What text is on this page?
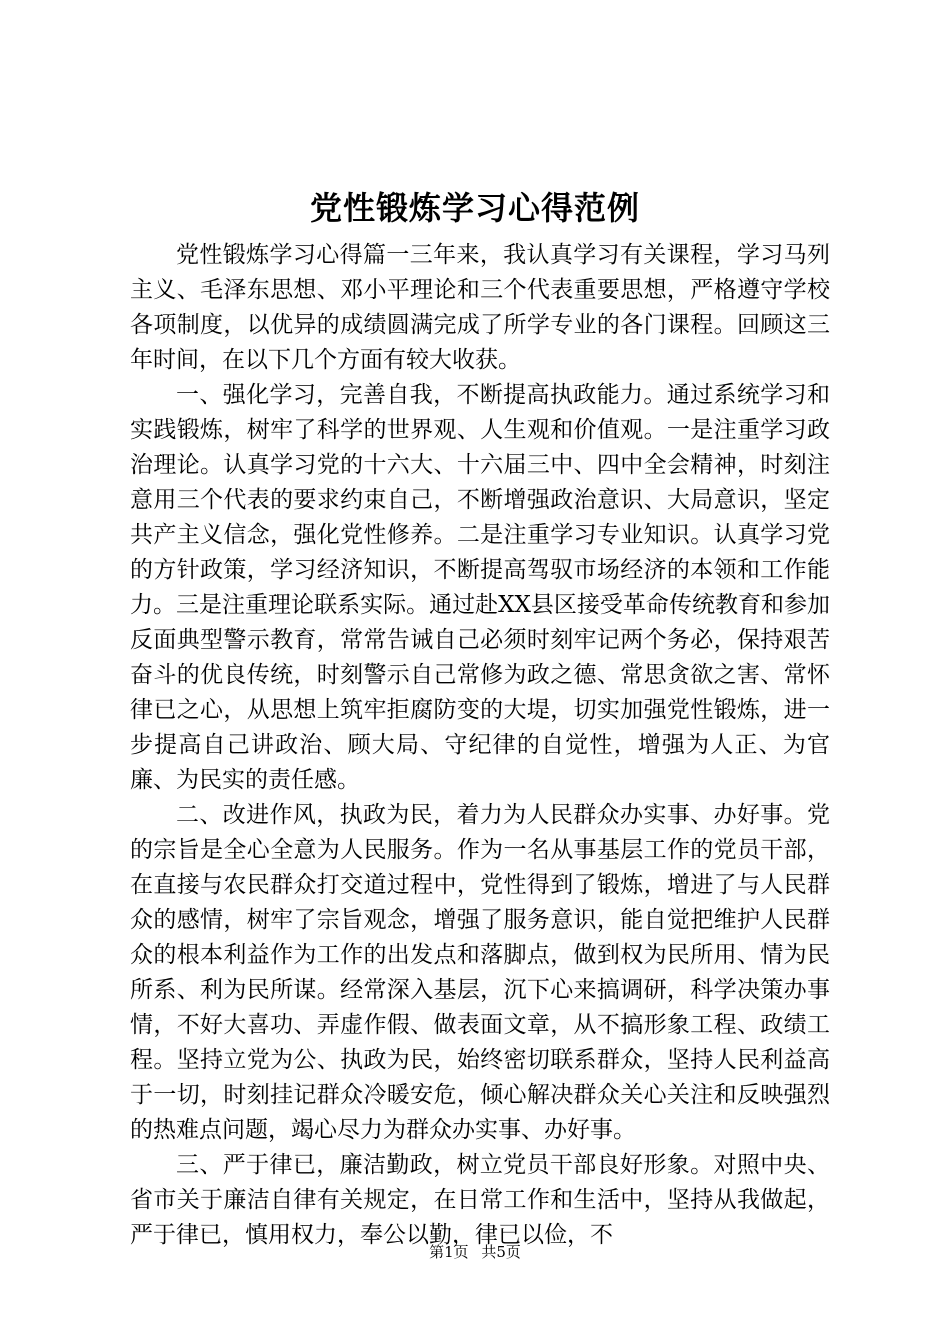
党性锻炼学习心得范例

党性锻炼学习心得篇一三年来，我认真学习有关课程，学习马列主义、毛泽东思想、邓小平理论和三个代表重要思想，严格遵守学校各项制度，以优异的成绩圆满完成了所学专业的各门课程。回顾这三年时间，在以下几个方面有较大收获。

一、强化学习，完善自我，不断提高执政能力。通过系统学习和实践锻炼，树牢了科学的世界观、人生观和价值观。一是注重学习政治理论。认真学习党的十六大、十六届三中、四中全会精神，时刻注意用三个代表的要求约束自己，不断增强政治意识、大局意识，坚定共产主义信念，强化党性修养。二是注重学习专业知识。认真学习党的方针政策，学习经济知识，不断提高驾驭市场经济的本领和工作能力。三是注重理论联系实际。通过赴XX县区接受革命传统教育和参加反面典型警示教育，常常告诫自己必须时刻牢记两个务必，保持艰苦奋斗的优良传统，时刻警示自己常修为政之德、常思贪欲之害、常怀律已之心，从思想上筑牢拒腐防变的大堤，切实加强党性锻炼，进一步提高自己讲政治、顾大局、守纪律的自觉性，增强为人正、为官廉、为民实的责任感。

二、改进作风，执政为民，着力为人民群众办实事、办好事。党的宗旨是全心全意为人民服务。作为一名从事基层工作的党员干部，在直接与农民群众打交道过程中，党性得到了锻炼，增进了与人民群众的感情，树牢了宗旨观念，增强了服务意识，能自觉把维护人民群众的根本利益作为工作的出发点和落脚点，做到权为民所用、情为民所系、利为民所谋。经常深入基层，沉下心来搞调研，科学决策办事情，不好大喜功、弄虚作假、做表面文章，从不搞形象工程、政绩工程。坚持立党为公、执政为民，始终密切联系群众，坚持人民利益高于一切，时刻挂记群众冷暖安危，倾心解决群众关心关注和反映强烈的热难点问题，竭心尽力为群众办实事、办好事。

三、严于律已，廉洁勤政，树立党员干部良好形象。对照中央、省市关于廉洁自律有关规定，在日常工作和生活中，坚持从我做起，严于律已，慎用权力，奉公以勤，律已以俭，不

第1页 共5页
